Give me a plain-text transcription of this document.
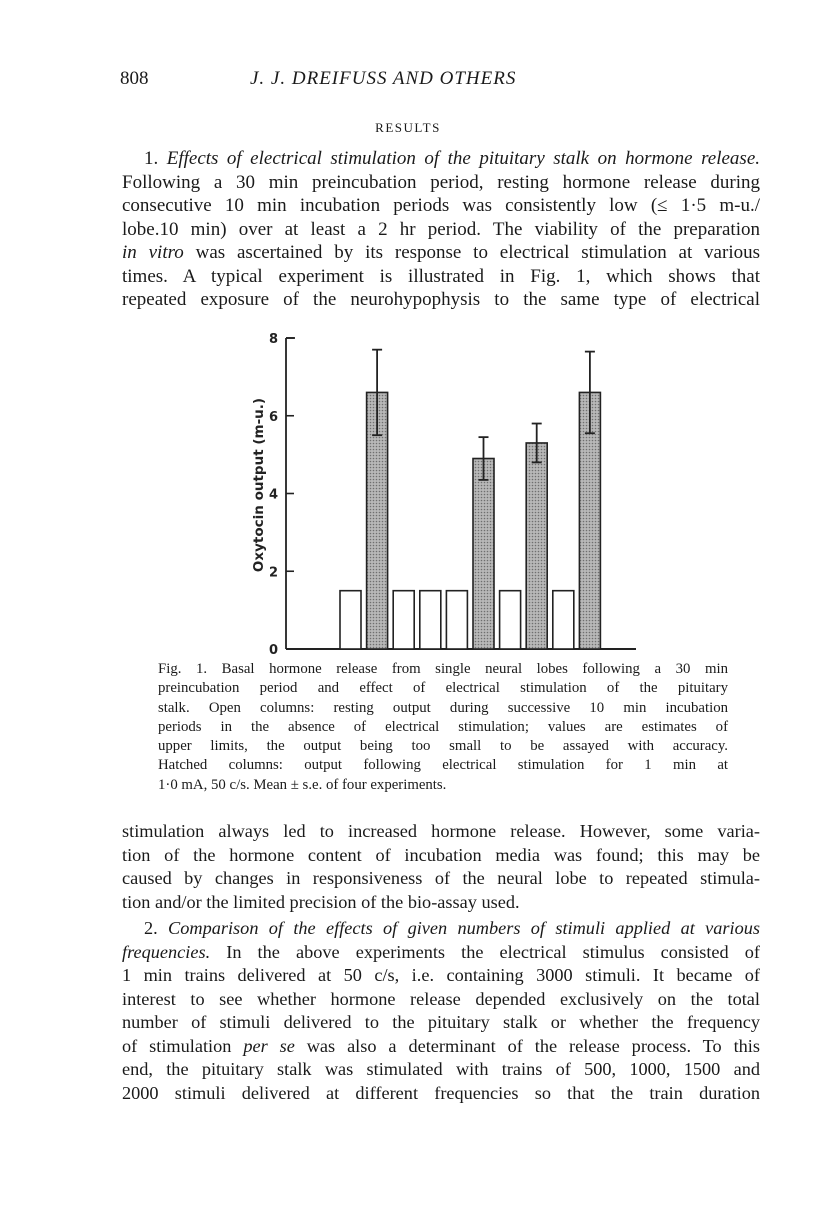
808	J. J. DREIFUSS AND OTHERS
RESULTS
1. Effects of electrical stimulation of the pituitary stalk on hormone release.
Following a 30 min preincubation period, resting hormone release during
consecutive 10 min incubation periods was consistently low (≤ 1·5 m-u./
lobe.10 min) over at least a 2 hr period. The viability of the preparation
in vitro was ascertained by its response to electrical stimulation at various
times. A typical experiment is illustrated in Fig. 1, which shows that
repeated exposure of the neurohypophysis to the same type of electrical
0
2
4
6
8
Oxytocin output (m-u.)
Fig. 1. Basal hormone release from single neural lobes following a 30 min
preincubation period and effect of electrical stimulation of the pituitary
stalk. Open columns: resting output during successive 10 min incubation
periods in the absence of electrical stimulation; values are estimates of
upper limits, the output being too small to be assayed with accuracy.
Hatched columns: output following electrical stimulation for 1 min at
1·0 mA, 50 c/s. Mean ± s.e. of four experiments.
stimulation always led to increased hormone release. However, some varia-
tion of the hormone content of incubation media was found; this may be
caused by changes in responsiveness of the neural lobe to repeated stimula-
tion and/or the limited precision of the bio-assay used.
2. Comparison of the effects of given numbers of stimuli applied at various
frequencies. In the above experiments the electrical stimulus consisted of
1 min trains delivered at 50 c/s, i.e. containing 3000 stimuli. It became of
interest to see whether hormone release depended exclusively on the total
number of stimuli delivered to the pituitary stalk or whether the frequency
of stimulation per se was also a determinant of the release process. To this
end, the pituitary stalk was stimulated with trains of 500, 1000, 1500 and
2000 stimuli delivered at different frequencies so that the train duration
